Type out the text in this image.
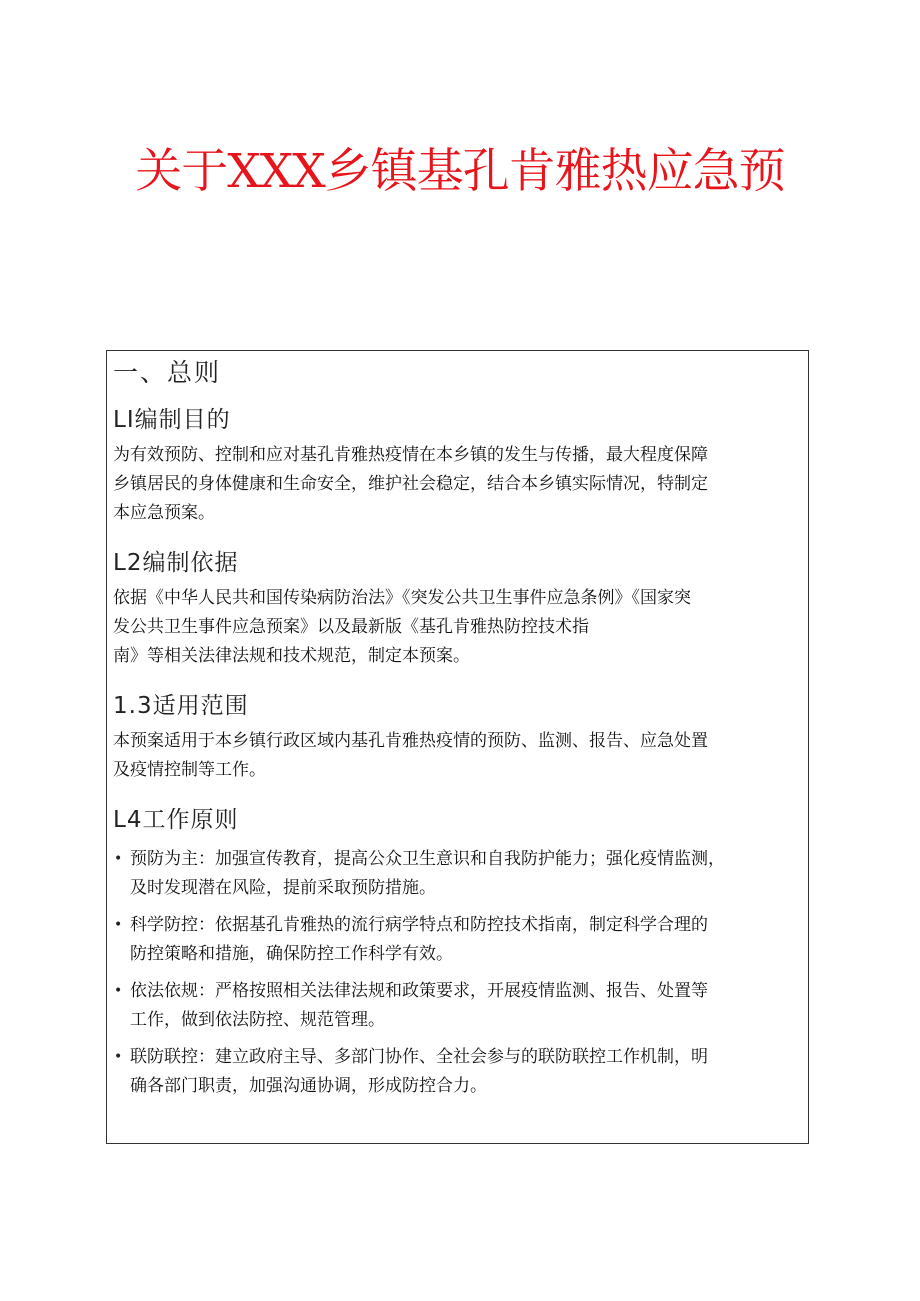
关于XXX乡镇基孔肯雅热应急预
一、总则
LI编制目的
为有效预防、控制和应对基孔肯雅热疫情在本乡镇的发生与传播，最大程度保障
乡镇居民的身体健康和生命安全，维护社会稳定，结合本乡镇实际情况，特制定
本应急预案。
L2编制依据
依据《中华人民共和国传染病防治法》《突发公共卫生事件应急条例》《国家突
发公共卫生事件应急预案》以及最新版《基孔肯雅热防控技术指
南》等相关法律法规和技术规范，制定本预案。
1.3适用范围
本预案适用于本乡镇行政区域内基孔肯雅热疫情的预防、监测、报告、应急处置
及疫情控制等工作。
L4工作原则
• 预防为主：加强宣传教育，提高公众卫生意识和自我防护能力；强化疫情监测，
及时发现潜在风险，提前采取预防措施。
• 科学防控：依据基孔肯雅热的流行病学特点和防控技术指南，制定科学合理的
防控策略和措施，确保防控工作科学有效。
• 依法依规：严格按照相关法律法规和政策要求，开展疫情监测、报告、处置等
工作，做到依法防控、规范管理。
• 联防联控：建立政府主导、多部门协作、全社会参与的联防联控工作机制，明
确各部门职责，加强沟通协调，形成防控合力。
